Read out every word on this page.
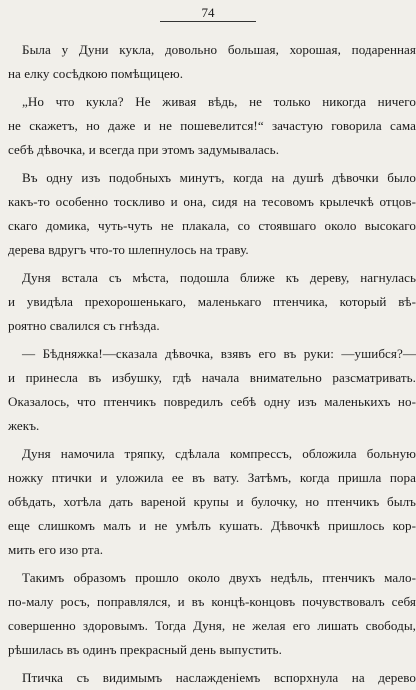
74
Была у Дуни кукла, довольно большая, хорошая, подаренная
на елку сосѣдкою помѣщицею.
„Но что кукла? Не живая вѣдь, не только никогда ничего
не скажетъ, но даже и не пошевелится!“ зачастую говорила сама
себѣ дѣвочка, и всегда при этомъ задумывалась.
Въ одну изъ подобныхъ минутъ, когда на душѣ дѣвочки было
какъ-то особенно тоскливо и она, сидя на тесовомъ крылечкѣ отцов-
скаго домика, чуть-чуть не плакала, со стоявшаго около высокаго
дерева вдругъ что-то шлепнулось на траву.
Дуня встала съ мѣста, подошла ближе къ дереву, нагнулась
и увидѣла прехорошенькаго, маленькаго птенчика, который вѣ-
роятно свалился съ гнѣзда.
— Бѣдняжка!—сказала дѣвочка, взявъ его въ руки: —ушибся?—
и принесла въ избушку, гдѣ начала внимательно разсматривать.
Оказалось, что птенчикъ повредилъ себѣ одну изъ маленькихъ но-
жекъ.
Дуня намочила тряпку, сдѣлала компрессъ, обложила больную
ножку птички и уложила ее въ вату. Затѣмъ, когда пришла пора
обѣдать, хотѣла дать вареной крупы и булочку, но птенчикъ былъ
еще слишкомъ малъ и не умѣлъ кушать. Дѣвочкѣ пришлось кор-
мить его изо рта.
Такимъ образомъ прошло около двухъ недѣль, птенчикъ мало-
по-малу росъ, поправлялся, и въ концѣ-концовъ почувствовалъ себя
совершенно здоровымъ. Тогда Дуня, не желая его лишать свободы,
рѣшилась въ одинъ прекрасный день выпустить.
Птичка съ видимымъ наслажденіемъ вспорхнула на дерево
